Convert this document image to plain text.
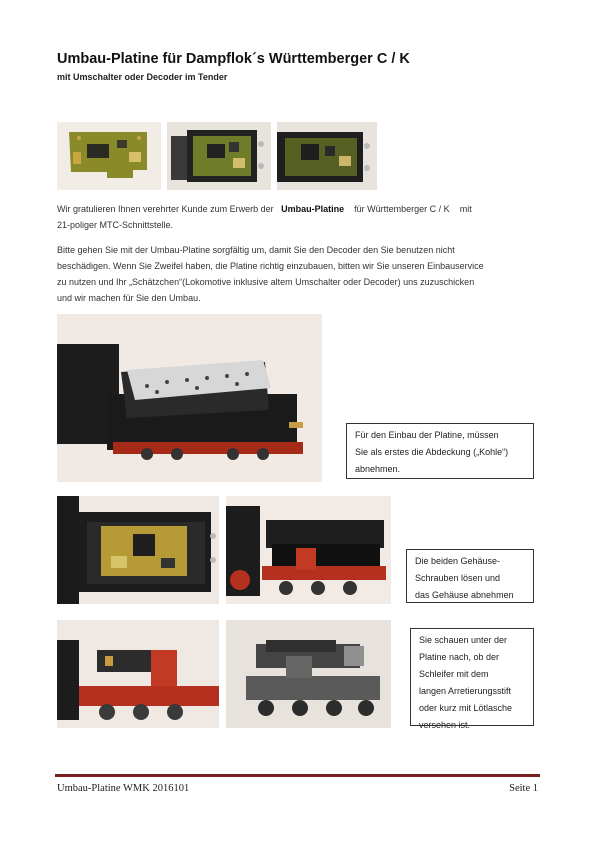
Umbau-Platine für Dampflok´s Württemberger C / K
mit Umschalter oder Decoder im Tender
Wir gratulieren Ihnen verehrter Kunde zum Erwerb der Umbau-Platine für Württemberger C / K mit
21-poliger MTC-Schnittstelle.
Bitte gehen Sie mit der Umbau-Platine sorgfältig um, damit Sie den Decoder den Sie benutzen nicht
beschädigen. Wenn Sie Zweifel haben, die Platine richtig einzubauen, bitten wir Sie unseren Einbauservice
zu nutzen und Ihr „Schätzchen“(Lokomotive inklusive altem Umschalter oder Decoder) uns zuzuschicken
und wir machen für Sie den Umbau.
Für den Einbau der Platine, müssen
Sie als erstes die Abdeckung („Kohle“)
abnehmen.
Die beiden Gehäuse-
Schrauben lösen und
das Gehäuse abnehmen
Sie schauen unter der
Platine nach, ob der
Schleifer mit dem
langen Arretierungsstift
oder kurz mit Lötlasche
versehen ist.
Umbau-Platine WMK 2016101	Seite 1
